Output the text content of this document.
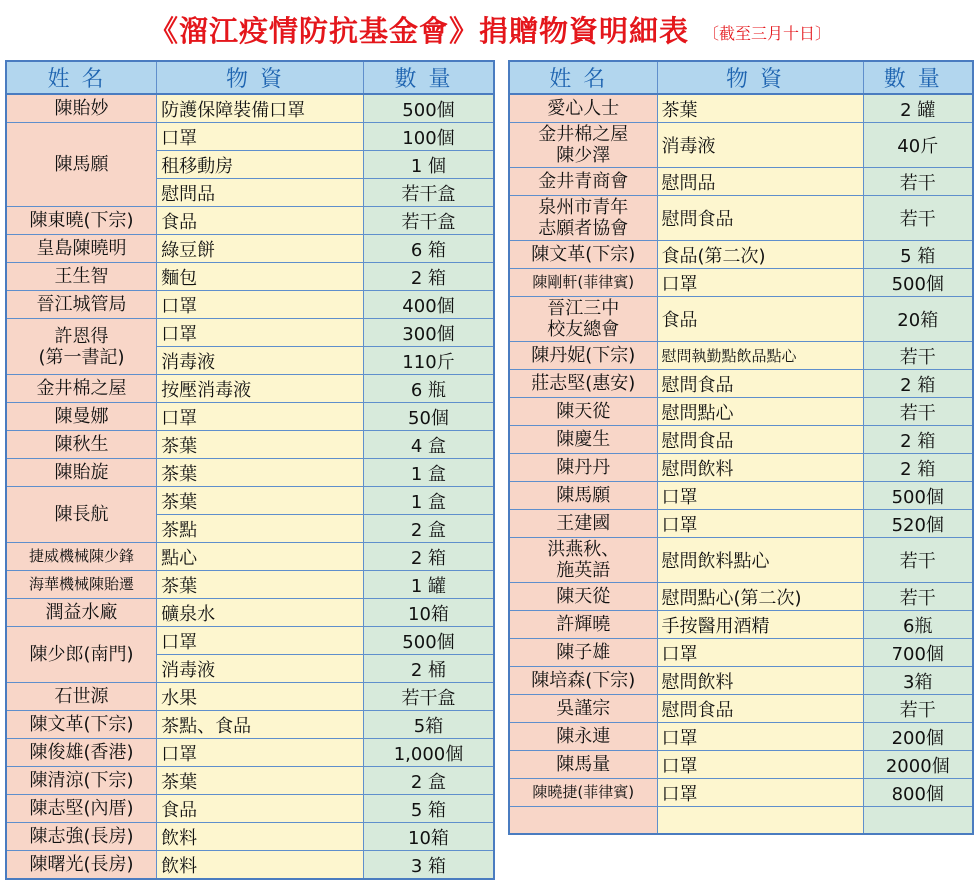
《溜江疫情防抗基金會》捐贈物資明細表 〔截至三月十日〕
姓名	物資	數量
陳貽妙	防護保障裝備口罩	500個
陳馬願	口罩	100個
	租移動房	1 個
	慰問品	若干盒
陳東曉(下宗)	食品	若干盒
皇島陳曉明	綠豆餅	6 箱
王生智	麵包	2 箱
晉江城管局	口罩	400個

許恩得
(第一書記)	口罩	300個
	消毒液	110斤
金井棉之屋	按壓消毒液	6 瓶
陳曼娜	口罩	50個
陳秋生	茶葉	4 盒
陳貽旋	茶葉	1 盒
陳長航	茶葉	1 盒
	茶點	2 盒
捷威機械陳少鋒	點心	2 箱
海華機械陳貽遷	茶葉	1 罐
潤益水廠	礦泉水	10箱
陳少郎(南門)	口罩	500個
	消毒液	2 桶
石世源	水果	若干盒
陳文革(下宗)	茶點、食品	5箱
陳俊雄(香港)	口罩	1,000個
陳清涼(下宗)	茶葉	2 盒
陳志堅(內厝)	食品	5 箱
陳志強(長房)	飲料	10箱
陳曙光(長房)	飲料	3 箱
姓名	物資	數量
愛心人士	茶葉	2 罐

金井棉之屋
陳少澤	消毒液	40斤
金井青商會	慰問品	若干

泉州市青年
志願者協會	慰問食品	若干
陳文革(下宗)	食品(第二次)	5 箱
陳剛軒(菲律賓)	口罩	500個

晉江三中
校友總會	食品	20箱
陳丹妮(下宗)	慰問執勤點飲品點心	若干
莊志堅(惠安)	慰問食品	2 箱
陳天從	慰問點心	若干
陳慶生	慰問食品	2 箱
陳丹丹	慰問飲料	2 箱
陳馬願	口罩	500個
王建國	口罩	520個

洪燕秋、
施英語	慰問飲料點心	若干
陳天從	慰問點心(第二次)	若干
許輝曉	手按醫用酒精	6瓶
陳子雄	口罩	700個
陳培森(下宗)	慰問飲料	3箱
吳謹宗	慰問食品	若干
陳永連	口罩	200個
陳馬量	口罩	2000個
陳曉捷(菲律賓)	口罩	800個
